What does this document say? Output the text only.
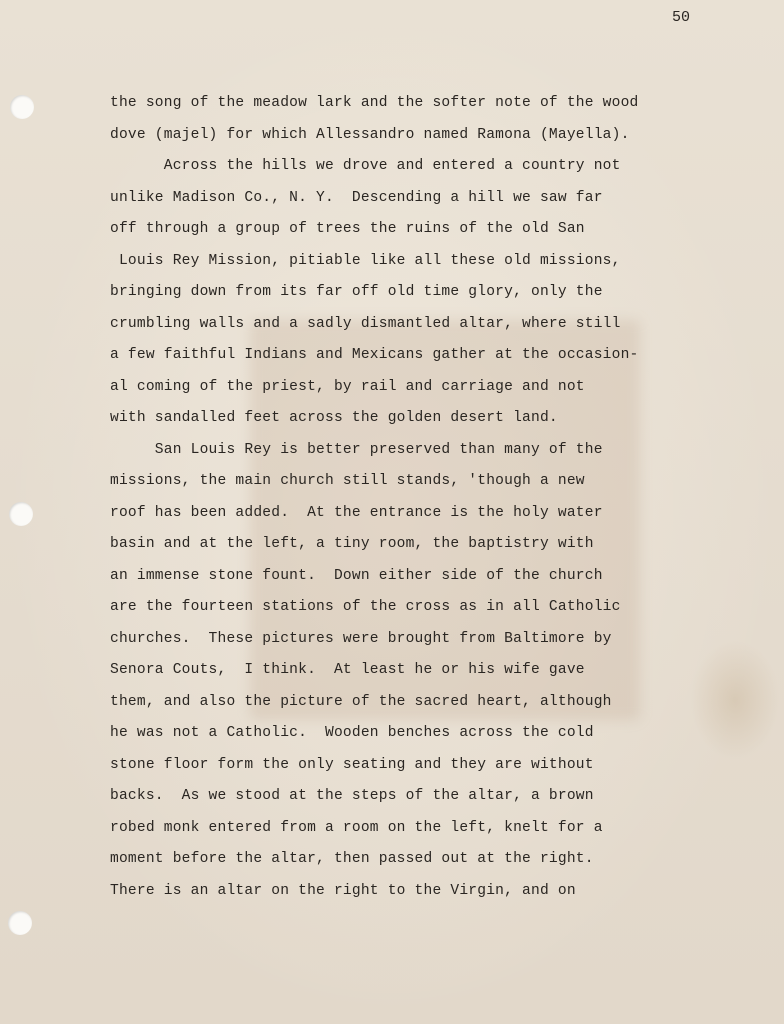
50
the song of the meadow lark and the softer note of the wood
dove (majel) for which Allessandro named Ramona (Mayella).
Across the hills we drove and entered a country not
unlike Madison Co., N. Y.  Descending a hill we saw far
off through a group of trees the ruins of the old San
Louis Rey Mission, pitiable like all these old missions,
bringing down from its far off old time glory, only the
crumbling walls and a sadly dismantled altar, where still
a few faithful Indians and Mexicans gather at the occasion-
al coming of the priest, by rail and carriage and not
with sandalled feet across the golden desert land.
San Louis Rey is better preserved than many of the
missions, the main church still stands, 'though a new
roof has been added.  At the entrance is the holy water
basin and at the left, a tiny room, the baptistry with
an immense stone fount.  Down either side of the church
are the fourteen stations of the cross as in all Catholic
churches.  These pictures were brought from Baltimore by
Senora Couts,  I think.  At least he or his wife gave
them, and also the picture of the sacred heart, although
he was not a Catholic.  Wooden benches across the cold
stone floor form the only seating and they are without
backs.  As we stood at the steps of the altar, a brown
robed monk entered from a room on the left, knelt for a
moment before the altar, then passed out at the right.
There is an altar on the right to the Virgin, and on
